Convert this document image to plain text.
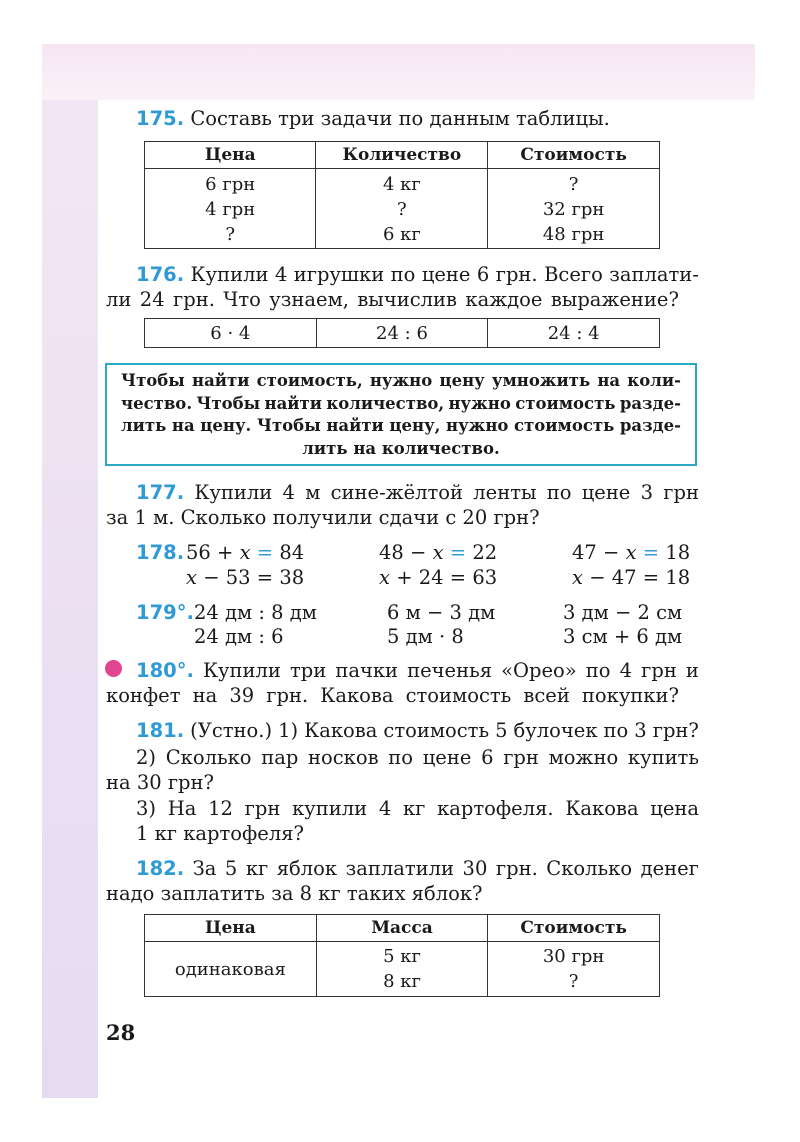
175. Составь три задачи по данным таблицы.
Цена	Количество	Стоимость
6 грн	4 кг	?
4 грн	?	32 грн
?	6 кг	48 грн
176. Купили 4 игрушки по цене 6 грн. Всего заплати-
ли 24 грн. Что узнаем, вычислив каждое выражение?
6 · 4	24 : 6	24 : 4
Чтобы найти стоимость, нужно цену умножить на коли-
чество. Чтобы найти количество, нужно стоимость разде-
лить на цену. Чтобы найти цену, нужно стоимость разде-
лить на количество.
177. Купили 4 м сине-жёлтой ленты по цене 3 грн
за 1 м. Сколько получили сдачи с 20 грн?
178. 56 + x = 84	48 − x = 22	47 − x = 18
x − 53 = 38	x + 24 = 63	x − 47 = 18
179°. 24 дм : 8 дм	6 м − 3 дм	3 дм − 2 см
24 дм : 6	5 дм · 8	3 см + 6 дм
180°. Купили три пачки печенья «Орео» по 4 грн и
конфет на 39 грн. Какова стоимость всей покупки?
181. (Устно.) 1) Какова стоимость 5 булочек по 3 грн?
2) Сколько пар носков по цене 6 грн можно купить
на 30 грн?
3) На 12 грн купили 4 кг картофеля. Какова цена
1 кг картофеля?
182. За 5 кг яблок заплатили 30 грн. Сколько денег
надо заплатить за 8 кг таких яблок?
Цена	Масса	Стоимость
одинаковая	5 кг	30 грн
	8 кг	?
28
